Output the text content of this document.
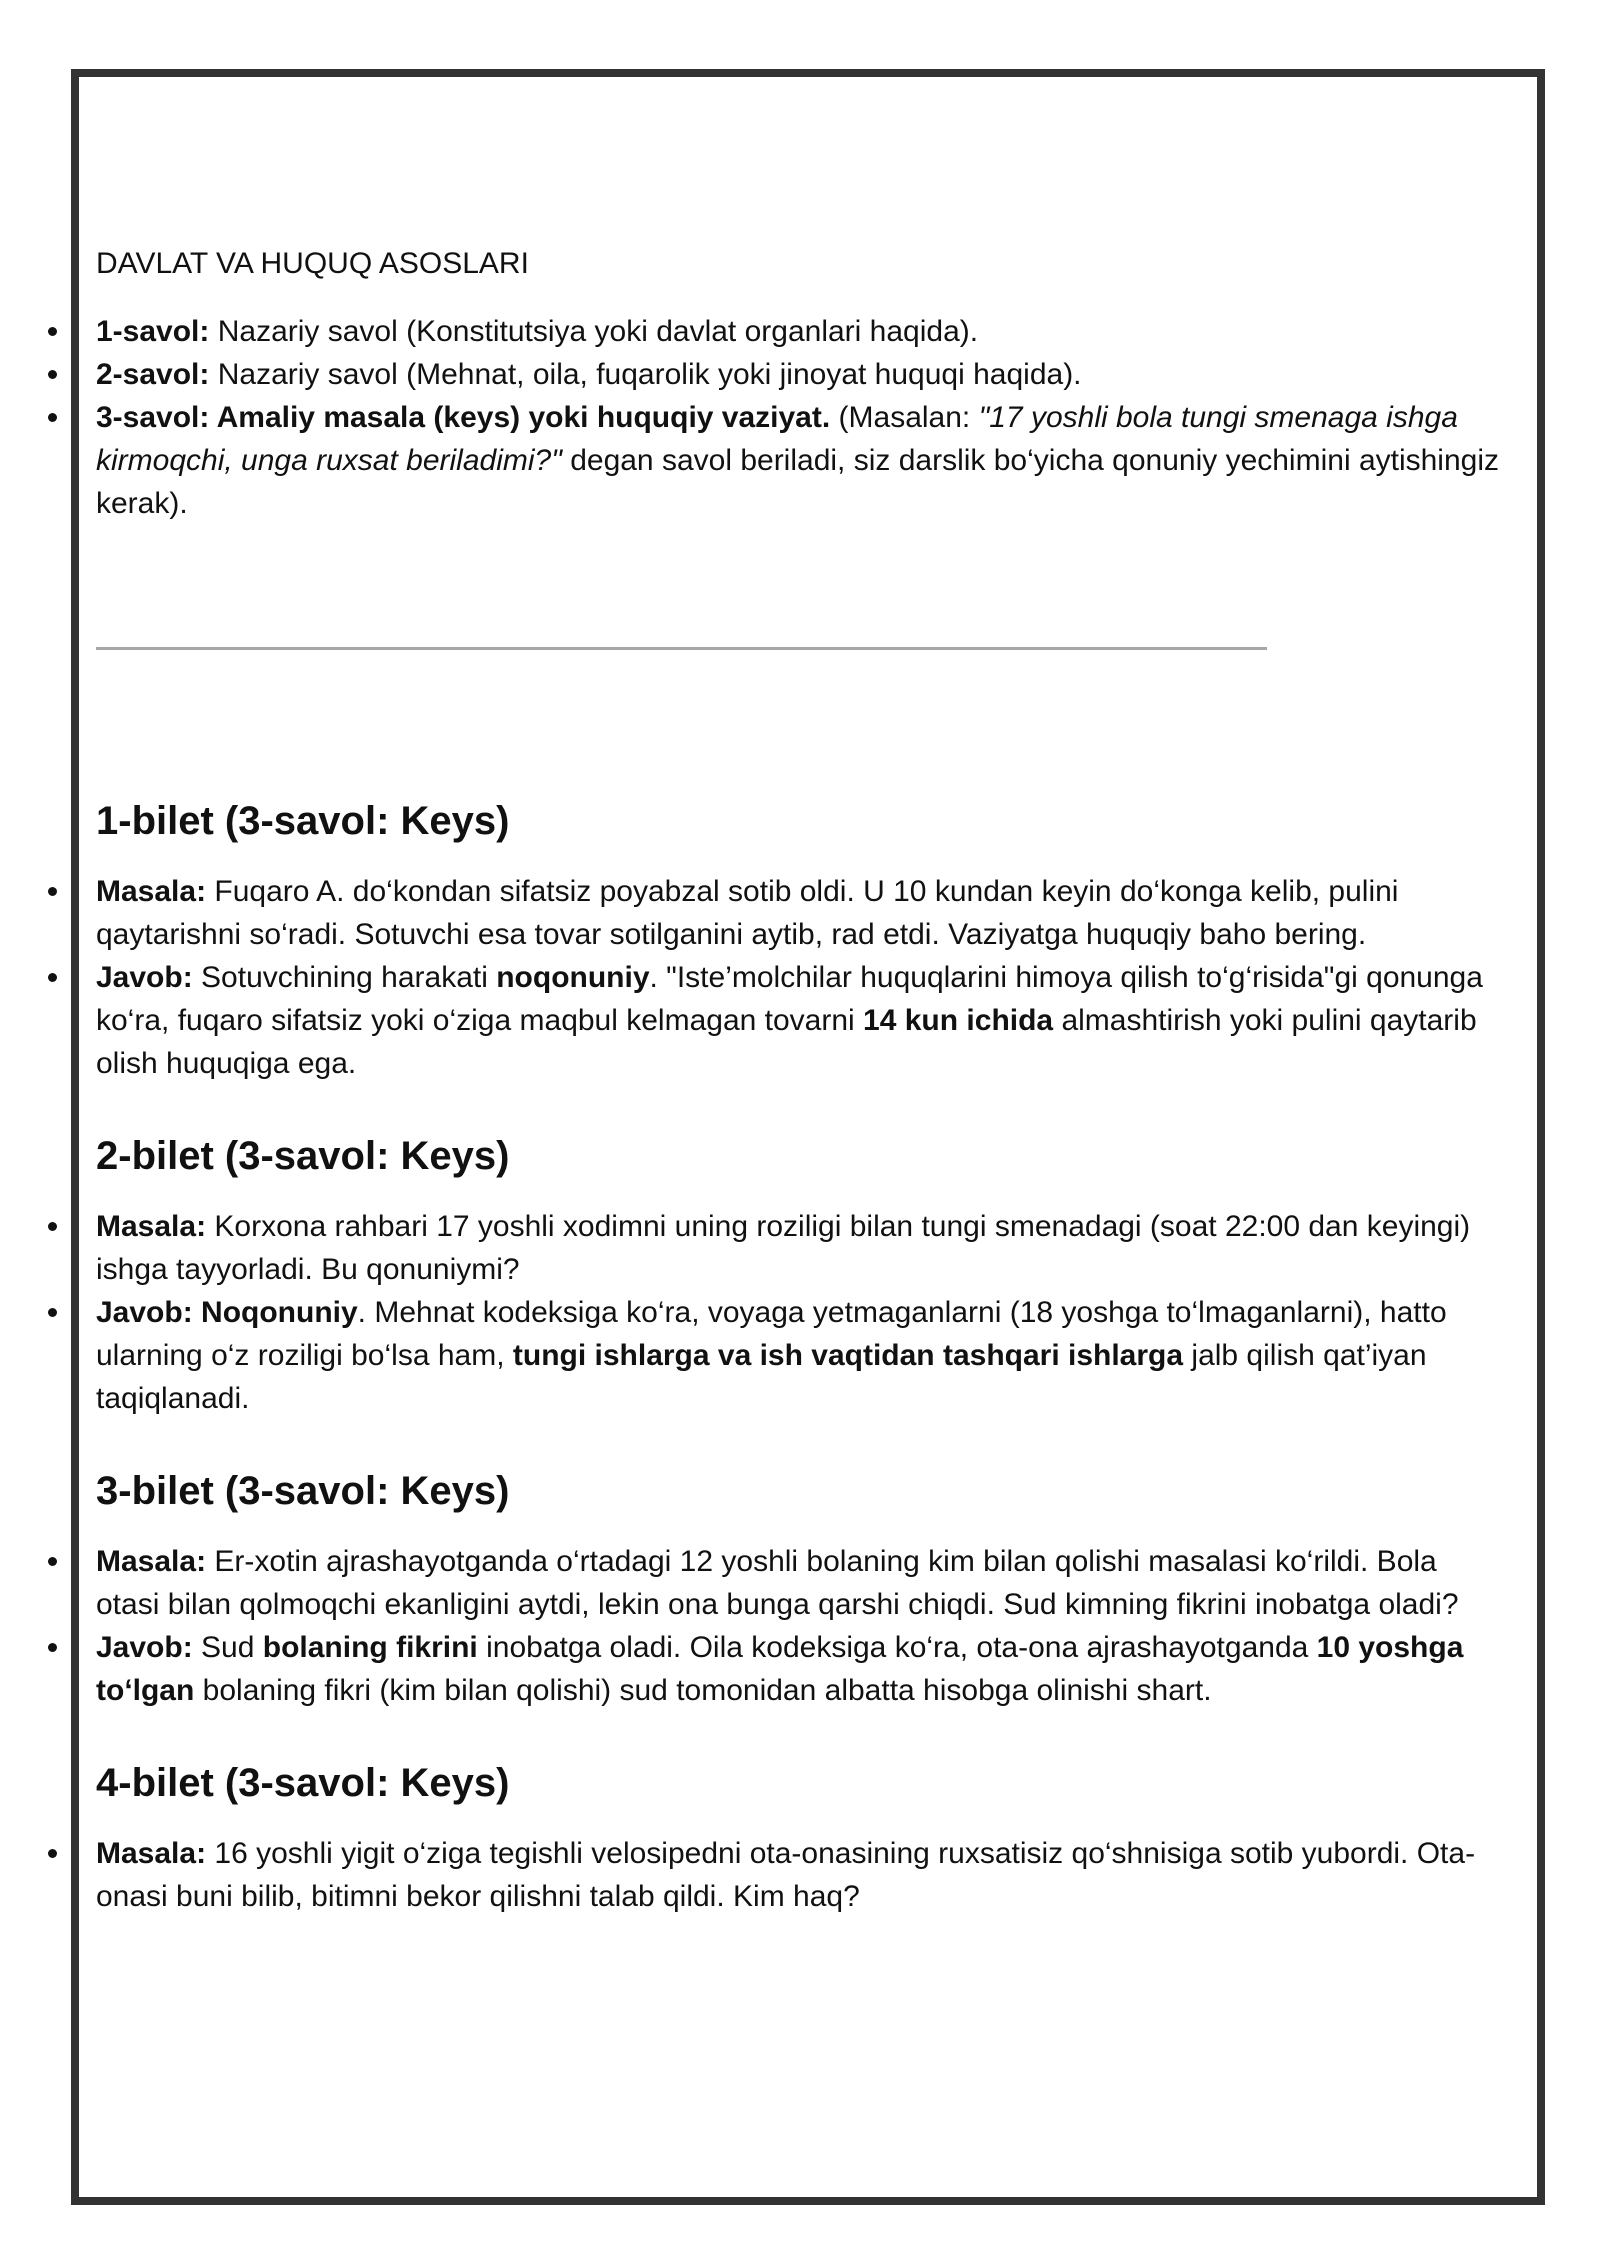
DAVLAT VA HUQUQ ASOSLARI
1-savol: Nazariy savol (Konstitutsiya yoki davlat organlari haqida).
2-savol: Nazariy savol (Mehnat, oila, fuqarolik yoki jinoyat huquqi haqida).
3-savol: Amaliy masala (keys) yoki huquqiy vaziyat. (Masalan: "17 yoshli bola tungi smenaga ishga kirmoqchi, unga ruxsat beriladimi?" degan savol beriladi, siz darslik bo‘yicha qonuniy yechimini aytishingiz kerak).
1-bilet (3-savol: Keys)
Masala: Fuqaro A. do‘kondan sifatsiz poyabzal sotib oldi. U 10 kundan keyin do‘konga kelib, pulini qaytarishni so‘radi. Sotuvchi esa tovar sotilganini aytib, rad etdi. Vaziyatga huquqiy baho bering.
Javob: Sotuvchining harakati noqonuniy. "Iste’molchilar huquqlarini himoya qilish to‘g‘risida"gi qonunga ko‘ra, fuqaro sifatsiz yoki o‘ziga maqbul kelmagan tovarni 14 kun ichida almashtirish yoki pulini qaytarib olish huquqiga ega.
2-bilet (3-savol: Keys)
Masala: Korxona rahbari 17 yoshli xodimni uning roziligi bilan tungi smenadagi (soat 22:00 dan keyingi) ishga tayyorladi. Bu qonuniymi?
Javob: Noqonuniy. Mehnat kodeksiga ko‘ra, voyaga yetmaganlarni (18 yoshga to‘lmaganlarni), hatto ularning o‘z roziligi bo‘lsa ham, tungi ishlarga va ish vaqtidan tashqari ishlarga jalb qilish qat’iyan taqiqlanadi.
3-bilet (3-savol: Keys)
Masala: Er-xotin ajrashayotganda o‘rtadagi 12 yoshli bolaning kim bilan qolishi masalasi ko‘rildi. Bola otasi bilan qolmoqchi ekanligini aytdi, lekin ona bunga qarshi chiqdi. Sud kimning fikrini inobatga oladi?
Javob: Sud bolaning fikrini inobatga oladi. Oila kodeksiga ko‘ra, ota-ona ajrashayotganda 10 yoshga to‘lgan bolaning fikri (kim bilan qolishi) sud tomonidan albatta hisobga olinishi shart.
4-bilet (3-savol: Keys)
Masala: 16 yoshli yigit o‘ziga tegishli velosipedni ota-onasining ruxsatisiz qo‘shnisiga sotib yubordi. Ota-onasi buni bilib, bitimni bekor qilishni talab qildi. Kim haq?
